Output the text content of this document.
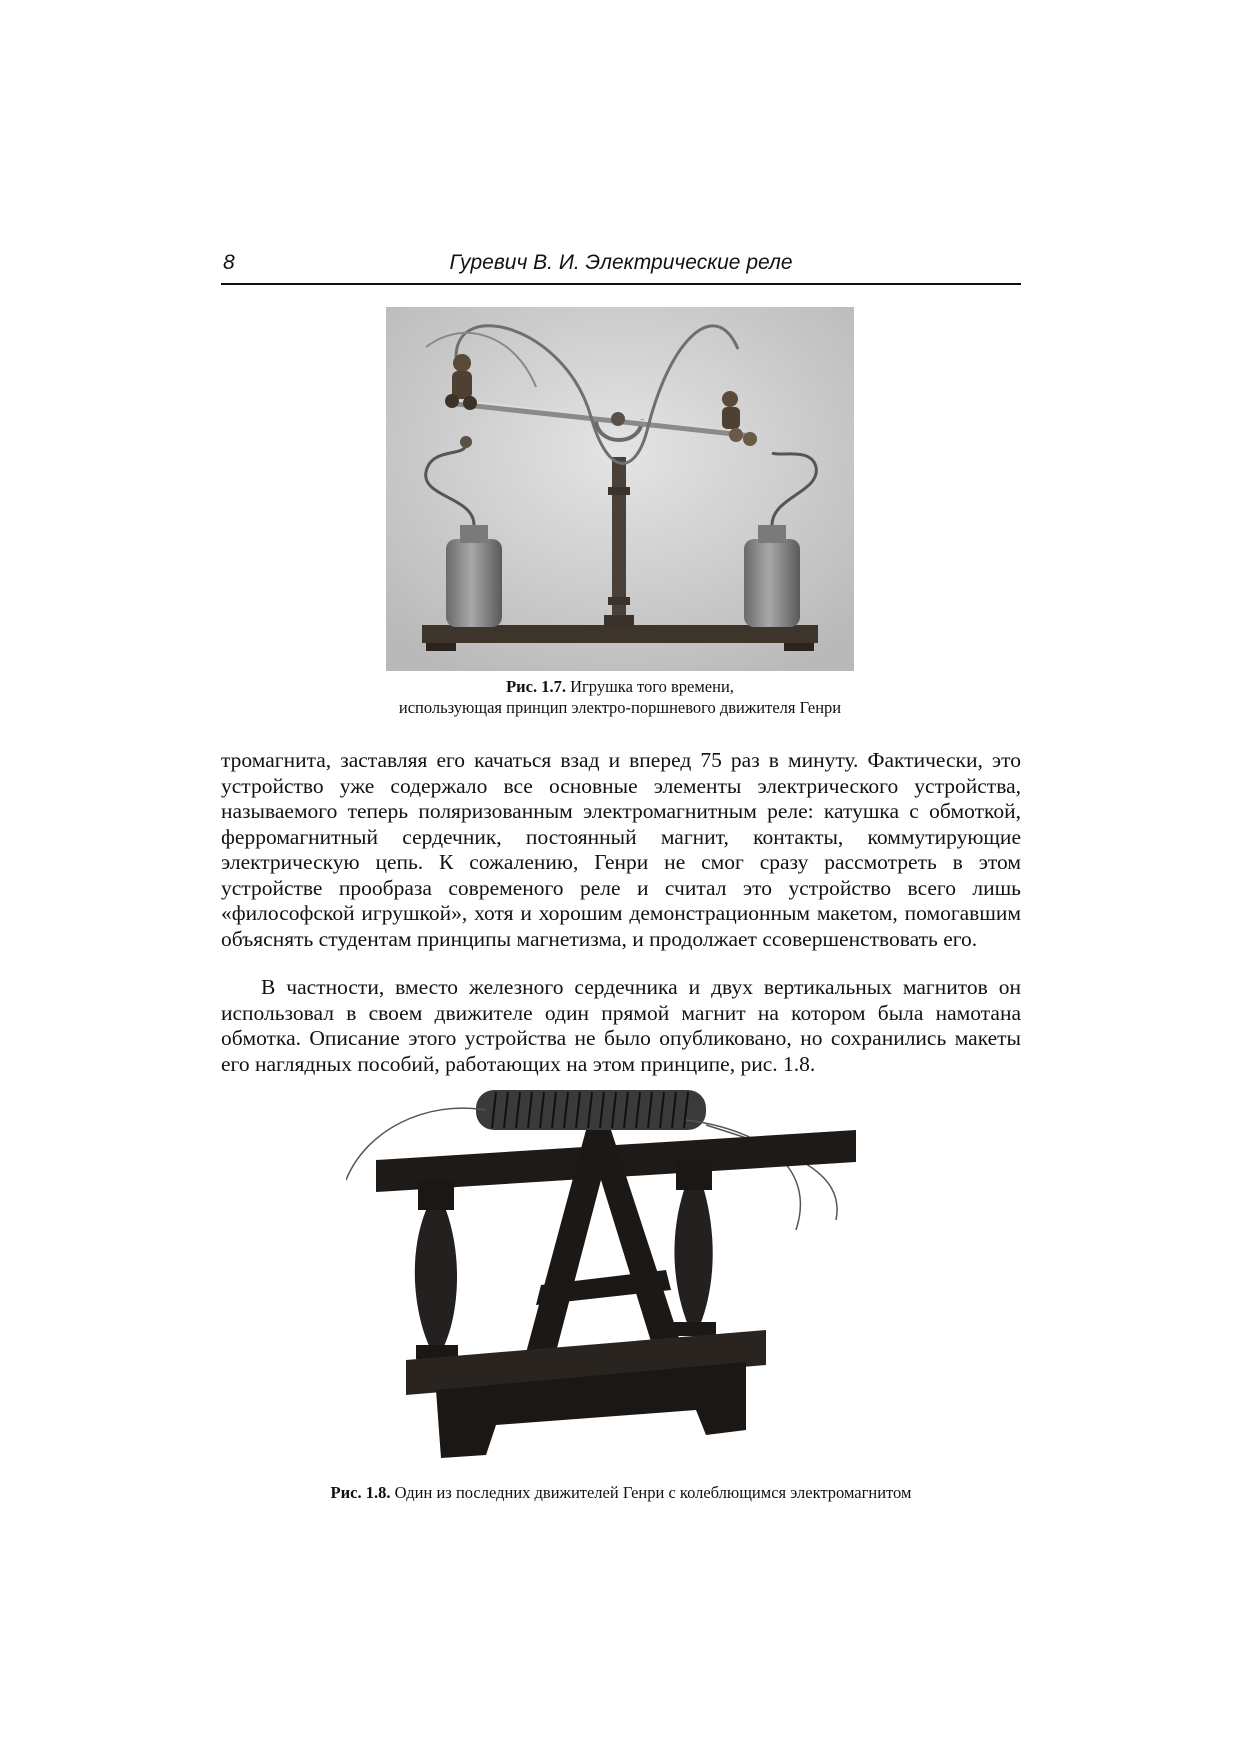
8	Гуревич В. И. Электрические реле
Рис. 1.7. Игрушка того времени,
использующая принцип электро-поршневого движителя Генри
тромагнита, заставляя его качаться взад и вперед 75 раз в минуту. Фактически, это устройство уже содержало все основные элементы электрического устройства, называемого теперь поляризованным электромагнитным реле: катушка с обмоткой, ферромагнитный сердечник, постоянный магнит, контакты, коммутирующие электрическую цепь. К сожалению, Генри не смог сразу рассмотреть в этом устройстве прообраза современого реле и считал это устройство всего лишь «философской игрушкой», хотя и хорошим демонстрационным макетом, помогавшим объяснять студентам принципы магнетизма, и продолжает ссовершенствовать его.
В частности, вместо железного сердечника и двух вертикальных магнитов он использовал в своем движителе один прямой магнит на котором была намотана обмотка. Описание этого устройства не было опубликовано, но сохранились макеты его наглядных пособий, работающих на этом принципе, рис. 1.8.
Рис. 1.8. Один из последних движителей Генри с колеблющимся электромагнитом
